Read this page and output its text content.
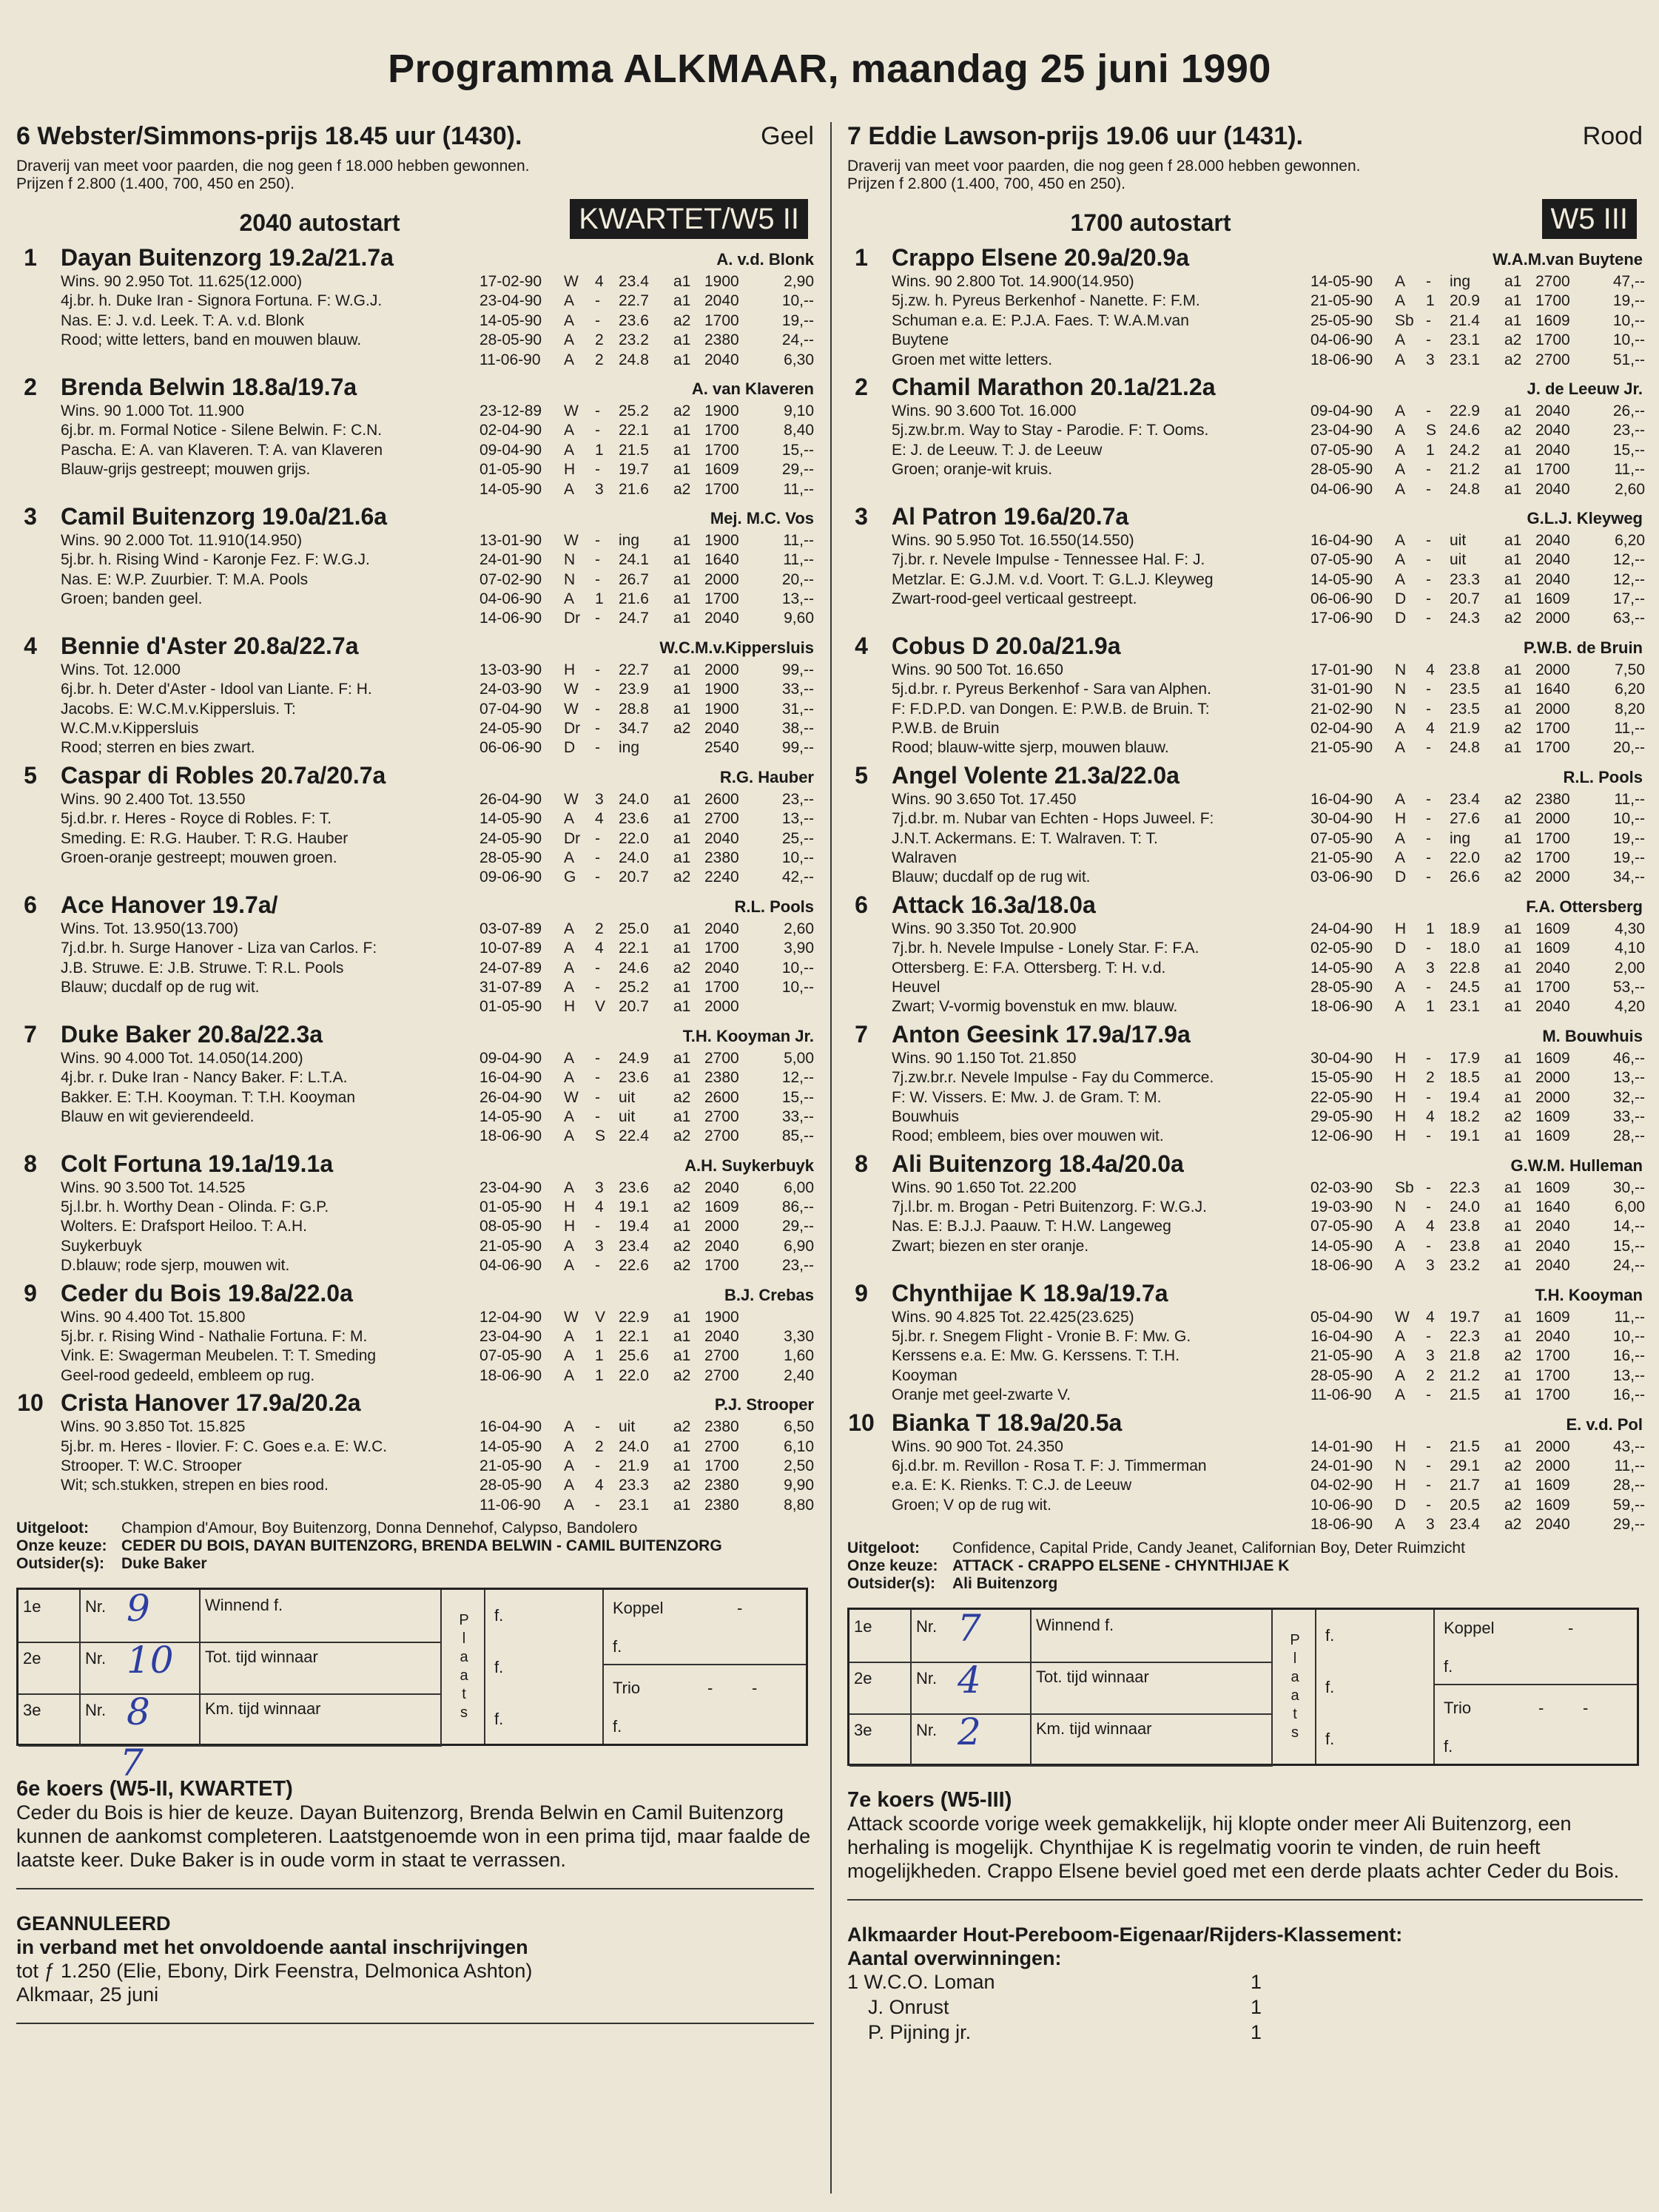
Programma ALKMAAR, maandag 25 juni 1990
6 Webster/Simmons-prijs 18.45 uur (1430).	Geel
Draverij van meet voor paarden, die nog geen f 18.000 hebben gewonnen.
Prijzen f 2.800 (1.400, 700, 450 en 250).
2040 autostart	KWARTET/W5 II
1	Dayan Buitenzorg 19.2a/21.7a	A. v.d. Blonk
Wins. 90 2.950 Tot. 11.625(12.000)
4j.br. h. Duke Iran - Signora Fortuna. F: W.G.J.
Nas. E: J. v.d. Leek. T: A. v.d. Blonk
Rood; witte letters, band en mouwen blauw.
17-02-90 W 4 23.4 a1 1900	2,90
23-04-90 A - 22.7 a1 2040	10,--
14-05-90 A - 23.6 a2 1700	19,--
28-05-90 A 2 23.2 a1 2380	24,--
11-06-90 A 2 24.8 a1 2040	6,30
2	Brenda Belwin 18.8a/19.7a	A. van Klaveren
Wins. 90 1.000 Tot. 11.900
6j.br. m. Formal Notice - Silene Belwin. F: C.N.
Pascha. E: A. van Klaveren. T: A. van Klaveren
Blauw-grijs gestreept; mouwen grijs.
23-12-89 W - 25.2 a2 1900	9,10
02-04-90 A - 22.1 a1 1700	8,40
09-04-90 A 1 21.5 a1 1700	15,--
01-05-90 H - 19.7 a1 1609	29,--
14-05-90 A 3 21.6 a2 1700	11,--
3	Camil Buitenzorg 19.0a/21.6a	Mej. M.C. Vos
Wins. 90 2.000 Tot. 11.910(14.950)
5j.br. h. Rising Wind - Karonje Fez. F: W.G.J.
Nas. E: W.P. Zuurbier. T: M.A. Pools
Groen; banden geel.
13-01-90 W - ing a1 1900	11,--
24-01-90 N - 24.1 a1 1640	11,--
07-02-90 N - 26.7 a1 2000	20,--
04-06-90 A 1 21.6 a1 1700	13,--
14-06-90 Dr - 24.7 a1 2040	9,60
4	Bennie d'Aster 20.8a/22.7a	W.C.M.v.Kippersluis
Wins. Tot. 12.000
6j.br. h. Deter d'Aster - Idool van Liante. F: H.
Jacobs. E: W.C.M.v.Kippersluis. T:
W.C.M.v.Kippersluis
Rood; sterren en bies zwart.
13-03-90 H - 22.7 a1 2000	99,--
24-03-90 W - 23.9 a1 1900	33,--
07-04-90 W - 28.8 a1 1900	31,--
24-05-90 Dr - 34.7 a2 2040	38,--
06-06-90 D - ing	2540	99,--
5	Caspar di Robles 20.7a/20.7a	R.G. Hauber
Wins. 90 2.400 Tot. 13.550
5j.d.br. r. Heres - Royce di Robles. F: T.
Smeding. E: R.G. Hauber. T: R.G. Hauber
Groen-oranje gestreept; mouwen groen.
26-04-90 W 3 24.0 a1 2600	23,--
14-05-90 A 4 23.6 a1 2700	13,--
24-05-90 Dr - 22.0 a1 2040	25,--
28-05-90 A - 24.0 a1 2380	10,--
09-06-90 G - 20.7 a2 2240	42,--
6	Ace Hanover 19.7a/	R.L. Pools
Wins. Tot. 13.950(13.700)
7j.d.br. h. Surge Hanover - Liza van Carlos. F:
J.B. Struwe. E: J.B. Struwe. T: R.L. Pools
Blauw; ducdalf op de rug wit.
03-07-89 A 2 25.0 a1 2040	2,60
10-07-89 A 4 22.1 a1 1700	3,90
24-07-89 A - 24.6 a2 2040	10,--
31-07-89 A - 25.2 a1 1700	10,--
01-05-90 H V 20.7 a1 2000
7	Duke Baker 20.8a/22.3a	T.H. Kooyman Jr.
Wins. 90 4.000 Tot. 14.050(14.200)
4j.br. r. Duke Iran - Nancy Baker. F: L.T.A.
Bakker. E: T.H. Kooyman. T: T.H. Kooyman
Blauw en wit gevierendeeld.
09-04-90 A - 24.9 a1 2700	5,00
16-04-90 A - 23.6 a1 2380	12,--
26-04-90 W - uit a2 2600	15,--
14-05-90 A - uit a1 2700	33,--
18-06-90 A S 22.4 a2 2700	85,--
8	Colt Fortuna 19.1a/19.1a	A.H. Suykerbuyk
Wins. 90 3.500 Tot. 14.525
5j.l.br. h. Worthy Dean - Olinda. F: G.P.
Wolters. E: Drafsport Heiloo. T: A.H.
Suykerbuyk
D.blauw; rode sjerp, mouwen wit.
23-04-90 A 3 23.6 a2 2040	6,00
01-05-90 H 4 19.1 a2 1609	86,--
08-05-90 H - 19.4 a1 2000	29,--
21-05-90 A 3 23.4 a2 2040	6,90
04-06-90 A - 22.6 a2 1700	23,--
9	Ceder du Bois 19.8a/22.0a	B.J. Crebas
Wins. 90 4.400 Tot. 15.800
5j.br. r. Rising Wind - Nathalie Fortuna. F: M.
Vink. E: Swagerman Meubelen. T: T. Smeding
Geel-rood gedeeld, embleem op rug.
12-04-90 W V 22.9 a1 1900
23-04-90 A 1 22.1 a1 2040	3,30
07-05-90 A 1 25.6 a1 2700	1,60
18-06-90 A 1 22.0 a2 2700	2,40
10 Crista Hanover 17.9a/20.2a	P.J. Strooper
Wins. 90 3.850 Tot. 15.825
5j.br. m. Heres - Ilovier. F: C. Goes e.a. E: W.C.
Strooper. T: W.C. Strooper
Wit; sch.stukken, strepen en bies rood.
16-04-90 A - uit a2 2380	6,50
14-05-90 A 2 24.0 a1 2700	6,10
21-05-90 A - 21.9 a1 1700	2,50
28-05-90 A 4 23.3 a2 2380	9,90
11-06-90 A - 23.1 a1 2380	8,80
Uitgeloot: Champion d'Amour, Boy Buitenzorg, Donna Dennehof, Calypso, Bandolero
Onze keuze: CEDER DU BOIS, DAYAN BUITENZORG, BRENDA BELWIN - CAMIL BUITENZORG
Outsider(s): Duke Baker
1e	Nr. 9	Winnend f.
2e	Nr. 10 Tot. tijd winnaar
3e	Nr. 8	Km. tijd winnaar
P
l
a
a
t
s
f.
f.
f.
Koppel	-
f.
Trio	- -
f.
7
6e koers (W5-II, KWARTET)
Ceder du Bois is hier de keuze. Dayan Buitenzorg, Brenda Belwin en Camil Buitenzorg kunnen de aankomst completeren. Laatstgenoemde won in een prima tijd, maar faalde de laatste keer. Duke Baker is in oude vorm in staat te verrassen.
GEANNULEERD
in verband met het onvoldoende aantal inschrijvingen
tot ƒ 1.250 (Elie, Ebony, Dirk Feenstra, Delmonica Ashton)
Alkmaar, 25 juni
7 Eddie Lawson-prijs 19.06 uur (1431).	Rood
Draverij van meet voor paarden, die nog geen f 28.000 hebben gewonnen.
Prijzen f 2.800 (1.400, 700, 450 en 250).
1700 autostart	W5 III
1	Crappo Elsene 20.9a/20.9a	W.A.M.van Buytene
Wins. 90 2.800 Tot. 14.900(14.950)
5j.zw. h. Pyreus Berkenhof - Nanette. F: F.M.
Schuman e.a. E: P.J.A. Faes. T: W.A.M.van
Buytene
Groen met witte letters.
14-05-90 A - ing a1 2700	47,--
21-05-90 A 1 20.9 a1 1700	19,--
25-05-90 Sb - 21.4 a1 1609	10,--
04-06-90 A - 23.1 a2 1700	10,--
18-06-90 A 3 23.1 a2 2700	51,--
2	Chamil Marathon 20.1a/21.2a	J. de Leeuw Jr.
Wins. 90 3.600 Tot. 16.000
5j.zw.br.m. Way to Stay - Parodie. F: T. Ooms.
E: J. de Leeuw. T: J. de Leeuw
Groen; oranje-wit kruis.
09-04-90 A - 22.9 a1 2040	26,--
23-04-90 A S 24.6 a2 2040	23,--
07-05-90 A 1 24.2 a1 2040	15,--
28-05-90 A - 21.2 a1 1700	11,--
04-06-90 A - 24.8 a1 2040	2,60
3	Al Patron 19.6a/20.7a	G.L.J. Kleyweg
Wins. 90 5.950 Tot. 16.550(14.550)
7j.br. r. Nevele Impulse - Tennessee Hal. F: J.
Metzlar. E: G.J.M. v.d. Voort. T: G.L.J. Kleyweg
Zwart-rood-geel verticaal gestreept.
16-04-90 A - uit a1 2040	6,20
07-05-90 A - uit a1 2040	12,--
14-05-90 A - 23.3 a1 2040	12,--
06-06-90 D - 20.7 a1 1609	17,--
17-06-90 D - 24.3 a2 2000	63,--
4	Cobus D 20.0a/21.9a	P.W.B. de Bruin
Wins. 90 500 Tot. 16.650
5j.d.br. r. Pyreus Berkenhof - Sara van Alphen.
F: F.D.P.D. van Dongen. E: P.W.B. de Bruin. T:
P.W.B. de Bruin
Rood; blauw-witte sjerp, mouwen blauw.
17-01-90 N 4 23.8 a1 2000	7,50
31-01-90 N - 23.5 a1 1640	6,20
21-02-90 N - 23.5 a1 2000	8,20
02-04-90 A 4 21.9 a2 1700	11,--
21-05-90 A - 24.8 a1 1700	20,--
5	Angel Volente 21.3a/22.0a	R.L. Pools
Wins. 90 3.650 Tot. 17.450
7j.d.br. m. Nubar van Echten - Hops Juweel. F:
J.N.T. Ackermans. E: T. Walraven. T: T.
Walraven
Blauw; ducdalf op de rug wit.
16-04-90 A - 23.4 a2 2380	11,--
30-04-90 H - 27.6 a1 2000	10,--
07-05-90 A - ing a1 1700	19,--
21-05-90 A - 22.0 a2 1700	19,--
03-06-90 D - 26.6 a2 2000	34,--
6	Attack 16.3a/18.0a	F.A. Ottersberg
Wins. 90 3.350 Tot. 20.900
7j.br. h. Nevele Impulse - Lonely Star. F: F.A.
Ottersberg. E: F.A. Ottersberg. T: H. v.d.
Heuvel
Zwart; V-vormig bovenstuk en mw. blauw.
24-04-90 H 1 18.9 a1 1609	4,30
02-05-90 D - 18.0 a1 1609	4,10
14-05-90 A 3 22.8 a1 2040	2,00
28-05-90 A - 24.5 a1 1700	53,--
18-06-90 A 1 23.1 a1 2040	4,20
7	Anton Geesink 17.9a/17.9a	M. Bouwhuis
Wins. 90 1.150 Tot. 21.850
7j.zw.br.r. Nevele Impulse - Fay du Commerce.
F: W. Vissers. E: Mw. J. de Gram. T: M.
Bouwhuis
Rood; embleem, bies over mouwen wit.
30-04-90 H - 17.9 a1 1609	46,--
15-05-90 H 2 18.5 a1 2000	13,--
22-05-90 H - 19.4 a1 2000	32,--
29-05-90 H 4 18.2 a2 1609	33,--
12-06-90 H - 19.1 a1 1609	28,--
8	Ali Buitenzorg 18.4a/20.0a	G.W.M. Hulleman
Wins. 90 1.650 Tot. 22.200
7j.l.br. m. Brogan - Petri Buitenzorg. F: W.G.J.
Nas. E: B.J.J. Paauw. T: H.W. Langeweg
Zwart; biezen en ster oranje.
02-03-90 Sb - 22.3 a1 1609	30,--
19-03-90 N - 24.0 a1 1640	6,00
07-05-90 A 4 23.8 a1 2040	14,--
14-05-90 A - 23.8 a1 2040	15,--
18-06-90 A 3 23.2 a1 2040	24,--
9	Chynthijae K 18.9a/19.7a	T.H. Kooyman
Wins. 90 4.825 Tot. 22.425(23.625)
5j.br. r. Snegem Flight - Vronie B. F: Mw. G.
Kerssens e.a. E: Mw. G. Kerssens. T: T.H.
Kooyman
Oranje met geel-zwarte V.
05-04-90 W 4 19.7 a1 1609	11,--
16-04-90 A - 22.3 a1 2040	10,--
21-05-90 A 3 21.8 a2 1700	16,--
28-05-90 A 2 21.2 a1 1700	13,--
11-06-90 A - 21.5 a1 1700	16,--
10 Bianka T 18.9a/20.5a	E. v.d. Pol
Wins. 90 900 Tot. 24.350
6j.d.br. m. Revillon - Rosa T. F: J. Timmerman
e.a. E: K. Rienks. T: C.J. de Leeuw
Groen; V op de rug wit.
14-01-90 H - 21.5 a1 2000	43,--
24-01-90 N - 29.1 a2 2000	11,--
04-02-90 H - 21.7 a1 1609	28,--
10-06-90 D - 20.5 a2 1609	59,--
18-06-90 A 3 23.4 a2 2040	29,--
Uitgeloot: Confidence, Capital Pride, Candy Jeanet, Californian Boy, Deter Ruimzicht
Onze keuze: ATTACK - CRAPPO ELSENE - CHYNTHIJAE K
Outsider(s): Ali Buitenzorg
1e	Nr. 7	Winnend f.
2e	Nr. 4	Tot. tijd winnaar
3e	Nr. 2	Km. tijd winnaar
P
l
a
a
t
s
f.
f.
f.
Koppel	-
f.
Trio	- -
f.
7e koers (W5-III)
Attack scoorde vorige week gemakkelijk, hij klopte onder meer Ali Buitenzorg, een herhaling is mogelijk. Chynthijae K is regelmatig voorin te vinden, de ruin heeft mogelijkheden. Crappo Elsene beviel goed met een derde plaats achter Ceder du Bois.
Alkmaarder Hout-Pereboom-Eigenaar/Rijders-Klassement:
Aantal overwinningen:
1 W.C.O. Loman	1
J. Onrust	1
P. Pijning jr.	1
